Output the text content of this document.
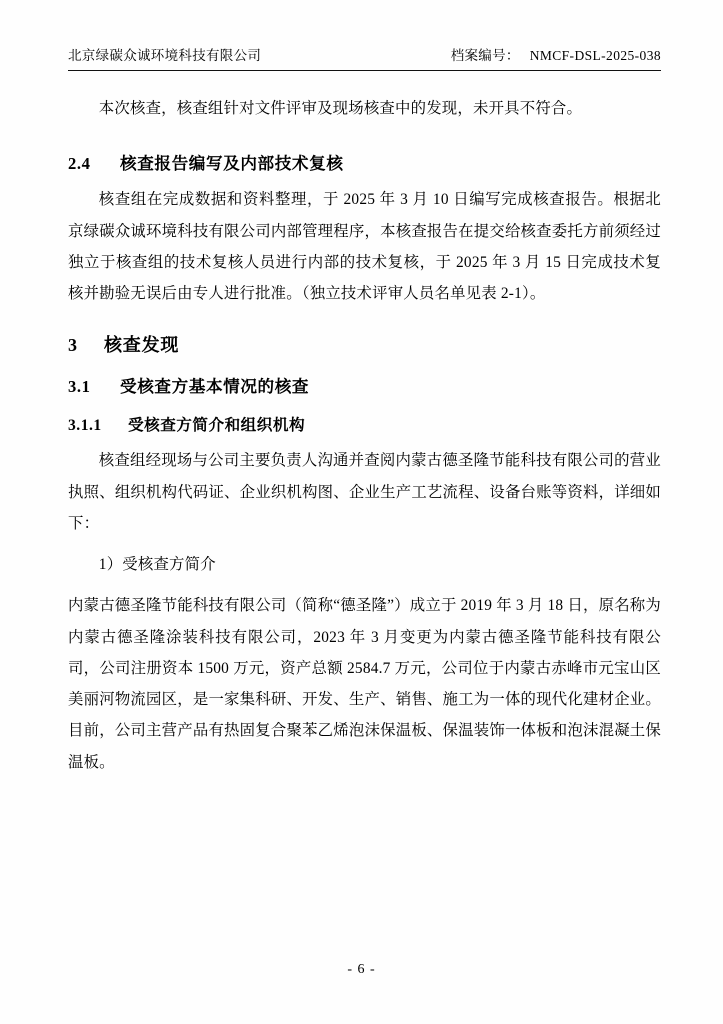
北京绿碳众诚环境科技有限公司	档案编号： NMCF-DSL-2025-038

本次核查，核查组针对文件评审及现场核查中的发现，未开具不符合。

2.4	核查报告编写及内部技术复核

核查组在完成数据和资料整理，于 2025 年 3 月 10 日编写完成核查报告。根据北京绿碳众诚环境科技有限公司内部管理程序，本核查报告在提交给核查委托方前须经过独立于核查组的技术复核人员进行内部的技术复核，于 2025 年 3 月 15 日完成技术复核并勘验无误后由专人进行批准。（独立技术评审人员名单见表 2-1）。

3	核查发现
3.1	受核查方基本情况的核查
3.1.1	受核查方简介和组织机构

核查组经现场与公司主要负责人沟通并查阅内蒙古德圣隆节能科技有限公司的营业执照、组织机构代码证、企业织机构图、企业生产工艺流程、设备台账等资料，详细如下：

1）受核查方简介

内蒙古德圣隆节能科技有限公司（简称“德圣隆”）成立于 2019 年 3 月 18 日，原名称为内蒙古德圣隆涂装科技有限公司，2023 年 3 月变更为内蒙古德圣隆节能科技有限公司，公司注册资本 1500 万元，资产总额 2584.7 万元，公司位于内蒙古赤峰市元宝山区美丽河物流园区，是一家集科研、开发、生产、销售、施工为一体的现代化建材企业。目前，公司主营产品有热固复合聚苯乙烯泡沫保温板、保温装饰一体板和泡沫混凝土保温板。

- 6 -
